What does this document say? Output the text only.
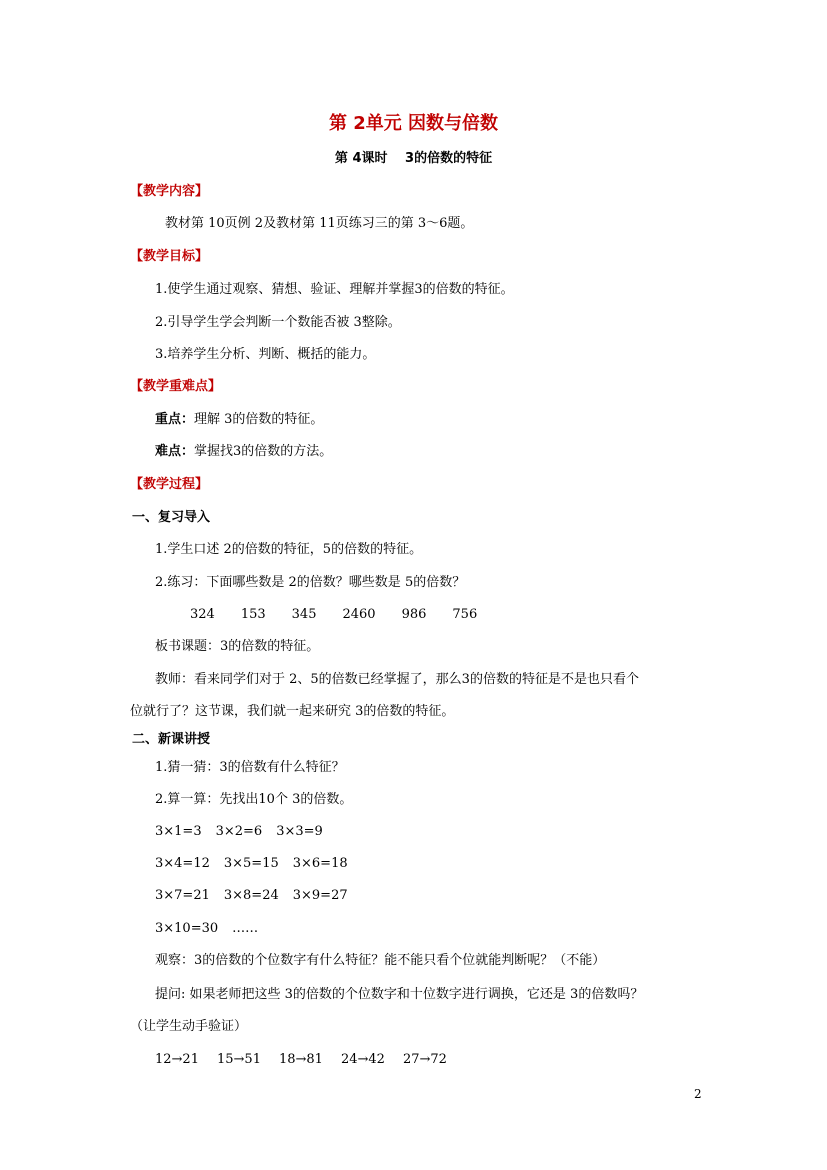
第 2单元 因数与倍数
第 4课时　 3的倍数的特征
【教学内容】
教材第 10页例 2及教材第 11页练习三的第 3～6题。
【教学目标】
1.使学生通过观察、猜想、验证、理解并掌握3的倍数的特征。
2.引导学生学会判断一个数能否被 3整除。
3.培养学生分析、判断、概括的能力。
【教学重难点】
重点：理解 3的倍数的特征。
难点：掌握找3的倍数的方法。
【教学过程】
一、复习导入
1.学生口述 2的倍数的特征，5的倍数的特征。
2.练习：下面哪些数是 2的倍数？哪些数是 5的倍数？
324 153 345 2460 986 756
板书课题：3的倍数的特征。
教师：看来同学们对于 2、5的倍数已经掌握了，那么3的倍数的特征是不是也只看个
位就行了？这节课，我们就一起来研究 3的倍数的特征。
二、新课讲授
1.猜一猜：3的倍数有什么特征？
2.算一算：先找出10个 3的倍数。
3×1=3 3×2=6 3×3=9
3×4=12 3×5=15 3×6=18
3×7=21 3×8=24 3×9=27
3×10=30 ……
观察：3的倍数的个位数字有什么特征？能不能只看个位就能判断呢？（不能）
提问: 如果老师把这些 3的倍数的个位数字和十位数字进行调换，它还是 3的倍数吗？
（让学生动手验证）
12→21 15→51 18→81 24→42 27→72
2
